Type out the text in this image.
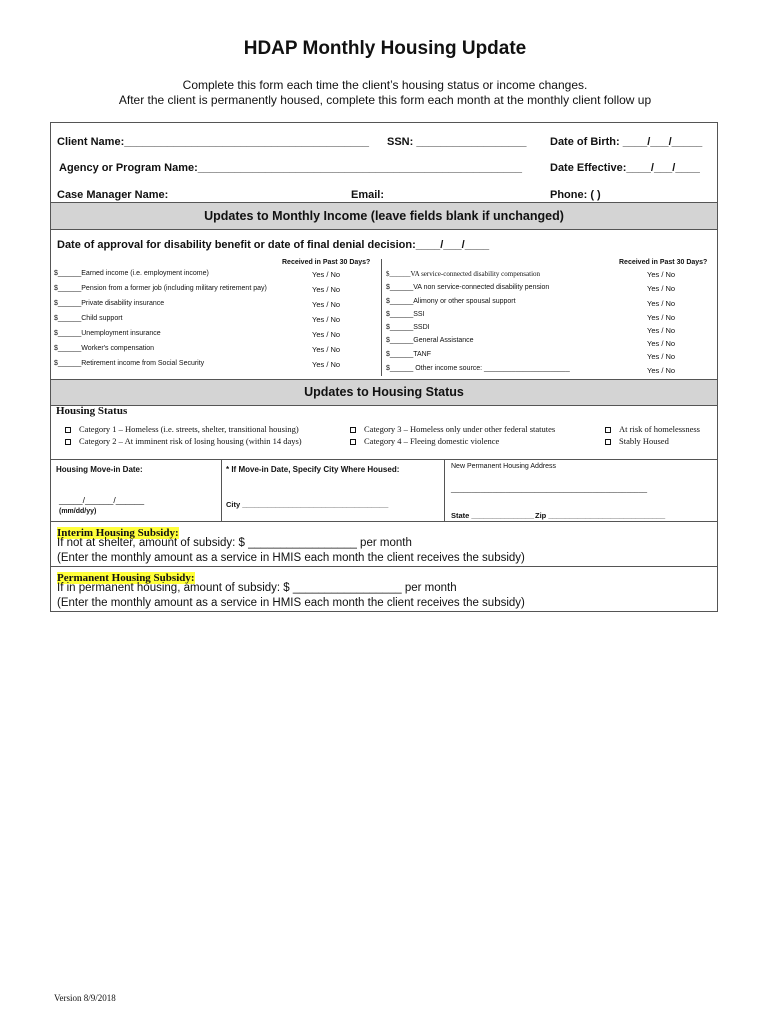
HDAP Monthly Housing Update
Complete this form each time the client’s housing status or income changes.
After the client is permanently housed, complete this form each month at the monthly client follow up
Client Name:________________________________________ SSN: __________________ Date of Birth: ____/___/_____
Agency or Program Name:_____________________________________________________	Date Effective:____/___/____
Case Manager Name:	Email:	Phone: ( )
Updates to Monthly Income (leave fields blank if unchanged)
Date of approval for disability benefit or date of final denial decision:____/___/____
Received in Past 30 Days?	Received in Past 30 Days?
$______Earned income (i.e. employment income)	Yes / No
$______Pension from a former job (including military retirement pay)	Yes / No
$______Private disability insurance	Yes / No
$______Child support	Yes / No
$______Unemployment insurance	Yes / No
$______Worker's compensation	Yes / No
$______Retirement income from Social Security	Yes / No
$______VA service-connected disability compensation	Yes / No
$______VA non service-connected disability pension	Yes / No
$______Alimony or other spousal support	Yes / No
$______SSI	Yes / No
$______SSDI	Yes / No
$______General Assistance	Yes / No
$______TANF	Yes / No
$______ Other income source: ______________________	Yes / No
Updates to Housing Status
Housing Status
Category 1 – Homeless (i.e. streets, shelter, transitional housing)
Category 2 – At imminent risk of losing housing (within 14 days)
Category 3 – Homeless only under other federal statutes
Category 4 – Fleeing domestic violence
At risk of homelessness
Stably Housed
Housing Move-in Date:
_____/______/______
(mm/dd/yy)
* If Move-in Date, Specify City Where Housed:
City ___________________________________
New Permanent Housing Address
_______________________________________________
State _______________ Zip ____________________________
Interim Housing Subsidy:
If not at shelter, amount of subsidy: $ _________________ per month
(Enter the monthly amount as a service in HMIS each month the client receives the subsidy)
Permanent Housing Subsidy:
If in permanent housing, amount of subsidy: $ _________________ per month
(Enter the monthly amount as a service in HMIS each month the client receives the subsidy)
Version 8/9/2018
